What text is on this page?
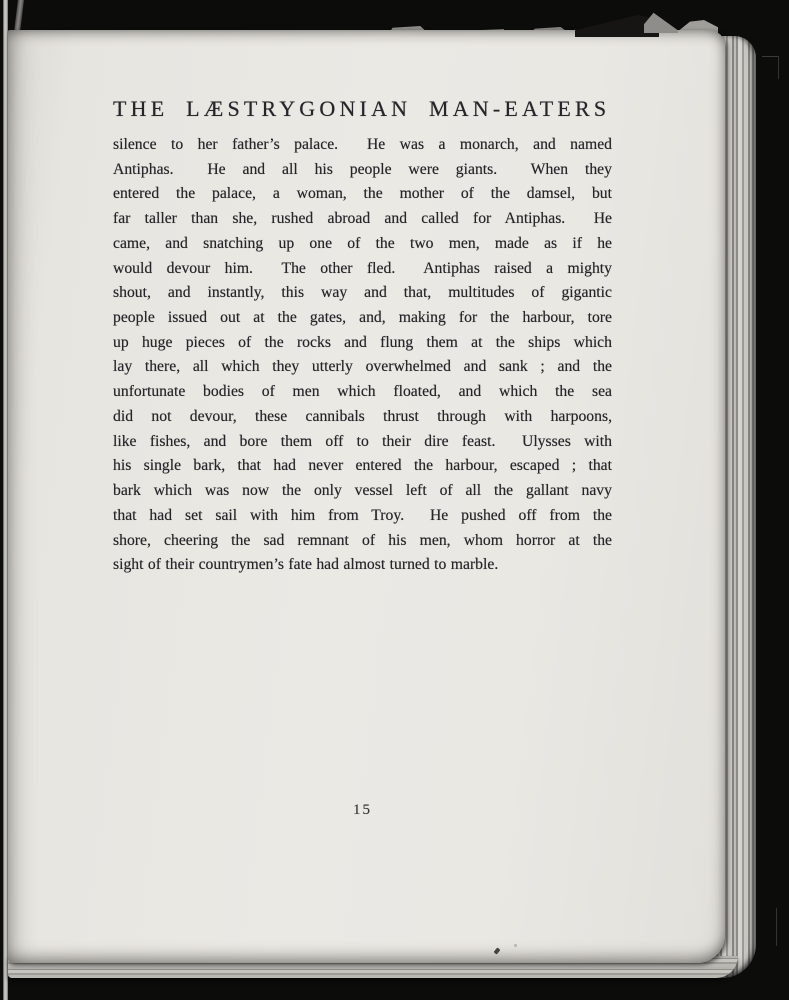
THE LÆSTRYGONIAN MAN-EATERS

silence to her father’s palace.  He was a monarch, and named

Antiphas.  He and all his people were giants.  When they

entered the palace, a woman, the mother of the damsel, but

far taller than she, rushed abroad and called for Antiphas.  He

came, and snatching up one of the two men, made as if he

would devour him.  The other fled.  Antiphas raised a mighty

shout, and instantly, this way and that, multitudes of gigantic

people issued out at the gates, and, making for the harbour, tore

up huge pieces of the rocks and flung them at the ships which

lay there, all which they utterly overwhelmed and sank ; and the

unfortunate bodies of men which floated, and which the sea

did not devour, these cannibals thrust through with harpoons,

like fishes, and bore them off to their dire feast.  Ulysses with

his single bark, that had never entered the harbour, escaped ; that

bark which was now the only vessel left of all the gallant navy

that had set sail with him from Troy.  He pushed off from the

shore, cheering the sad remnant of his men, whom horror at the

sight of their countrymen’s fate had almost turned to marble.

15
